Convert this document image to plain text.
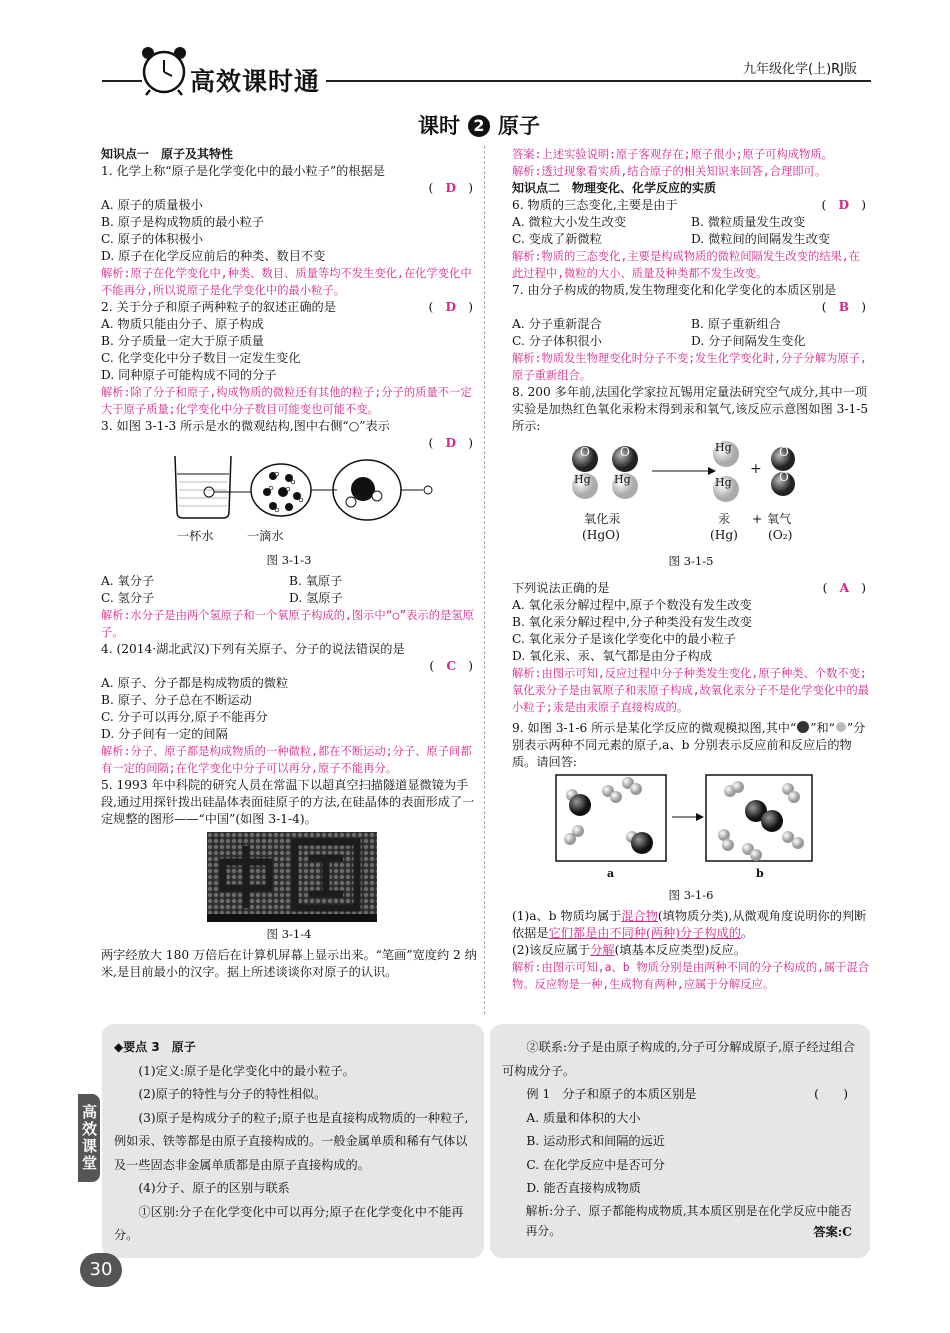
高效课时通	九年级化学(上)RJ版
课时 2 原子

知识点一　原子及其特性

1. 化学上称“原子是化学变化中的最小粒子”的根据是

(　D　)

A. 原子的质量极小

B. 原子是构成物质的最小粒子

C. 原子的体积极小

D. 原子在化学反应前后的种类、数目不变

解析:原子在化学变化中,种类、数目、质量等均不发生变化,在化学变化中不能再分,所以说原子是化学变化中的最小粒子。

2. 关于分子和原子两种粒子的叙述正确的是	(　D　)

A. 物质只能由分子、原子构成

B. 分子质量一定大于原子质量

C. 化学变化中分子数目一定发生变化

D. 同种原子可能构成不同的分子

解析:除了分子和原子,构成物质的微粒还有其他的粒子;分子的质量不一定大于原子质量;化学变化中分子数目可能变也可能不变。

3. 如图 3-1-3 所示是水的微观结构,图中右侧“○”表示

(　D　)

一杯水	一滴水

图 3-1-3

A. 氧分子	B. 氧原子

C. 氢分子	D. 氢原子

解析:水分子是由两个氢原子和一个氧原子构成的,图示中“○”表示的是氢原子。

4. (2014·湖北武汉)下列有关原子、分子的说法错误的是

(　C　)

A. 原子、分子都是构成物质的微粒

B. 原子、分子总在不断运动

C. 分子可以再分,原子不能再分

D. 分子间有一定的间隔

解析:分子、原子都是构成物质的一种微粒,都在不断运动;分子、原子间都有一定的间隔;在化学变化中分子可以再分,原子不能再分。

5. 1993 年中科院的研究人员在常温下以超真空扫描隧道显微镜为手段,通过用探针拨出硅晶体表面硅原子的方法,在硅晶体的表面形成了一定规整的图形——“中国”(如图 3-1-4)。

图 3-1-4

两字经放大 180 万倍后在计算机屏幕上显示出来。“笔画”宽度约 2 纳米,是目前最小的汉字。据上所述谈谈你对原子的认识。

答案:上述实验说明:原子客观存在;原子很小;原子可构成物质。

解析:透过现象看实质,结合原子的相关知识来回答,合理即可。

知识点二　物理变化、化学反应的实质

6. 物质的三态变化,主要是由于	(　D　)

A. 微粒大小发生改变	B. 微粒质量发生改变

C. 变成了新微粒	D. 微粒间的间隔发生改变

解析:物质的三态变化,主要是构成物质的微粒间隔发生改变的结果,在此过程中,微粒的大小、质量及种类都不发生改变。

7. 由分子构成的物质,发生物理变化和化学变化的本质区别是

(　B　)

A. 分子重新混合	B. 原子重新组合

C. 分子体积很小	D. 分子间隔发生变化

解析:物质发生物理变化时分子不变;发生化学变化时,分子分解为原子,原子重新组合。

8. 200 多年前,法国化学家拉瓦锡用定量法研究空气成分,其中一项实验是加热红色氧化汞粉末得到汞和氧气,该反应示意图如图 3-1-5 所示:

O
Hg
O
Hg
Hg
Hg
+
O
O
氧化汞
(HgO)
汞
(Hg)
+ 氧气
(O₂)

图 3-1-5

下列说法正确的是	(　A　)

A. 氧化汞分解过程中,原子个数没有发生改变

B. 氧化汞分解过程中,分子种类没有发生改变

C. 氧化汞分子是该化学变化中的最小粒子

D. 氧化汞、汞、氧气都是由分子构成

解析:由图示可知,反应过程中分子种类发生变化,原子种类、个数不变;氧化汞分子是由氧原子和汞原子构成,故氧化汞分子不是化学变化中的最小粒子;汞是由汞原子直接构成的。

9. 如图 3-1-6 所示是某化学反应的微观模拟图,其中“ ”和“ ”分别表示两种不同元素的原子,a、b 分别表示反应前和反应后的物质。请回答:

a	b

图 3-1-6

(1)a、b 物质均属于混合物(填物质分类),从微观角度说明你的判断依据是它们都是由不同种(两种)分子构成的。

(2)该反应属于分解(填基本反应类型)反应。

解析:由图示可知,a、b 物质分别是由两种不同的分子构成的,属于混合物。反应物是一种,生成物有两种,应属于分解反应。

◆要点 3　原子

(1)定义:原子是化学变化中的最小粒子。

(2)原子的特性与分子的特性相似。

(3)原子是构成分子的粒子;原子也是直接构成物质的一种粒子,例如汞、铁等都是由原子直接构成的。一般金属单质和稀有气体以及一些固态非金属单质都是由原子直接构成的。

(4)分子、原子的区别与联系

①区别:分子在化学变化中可以再分;原子在化学变化中不能再分。

②联系:分子是由原子构成的,分子可分解成原子,原子经过组合可构成分子。

例 1　分子和原子的本质区别是	(　　)

A. 质量和体积的大小

B. 运动形式和间隔的远近

C. 在化学反应中是否可分

D. 能否直接构成物质

解析:分子、原子都能构成物质,其本质区别是在化学反应中能否再分。	答案:C

高效课堂
30
